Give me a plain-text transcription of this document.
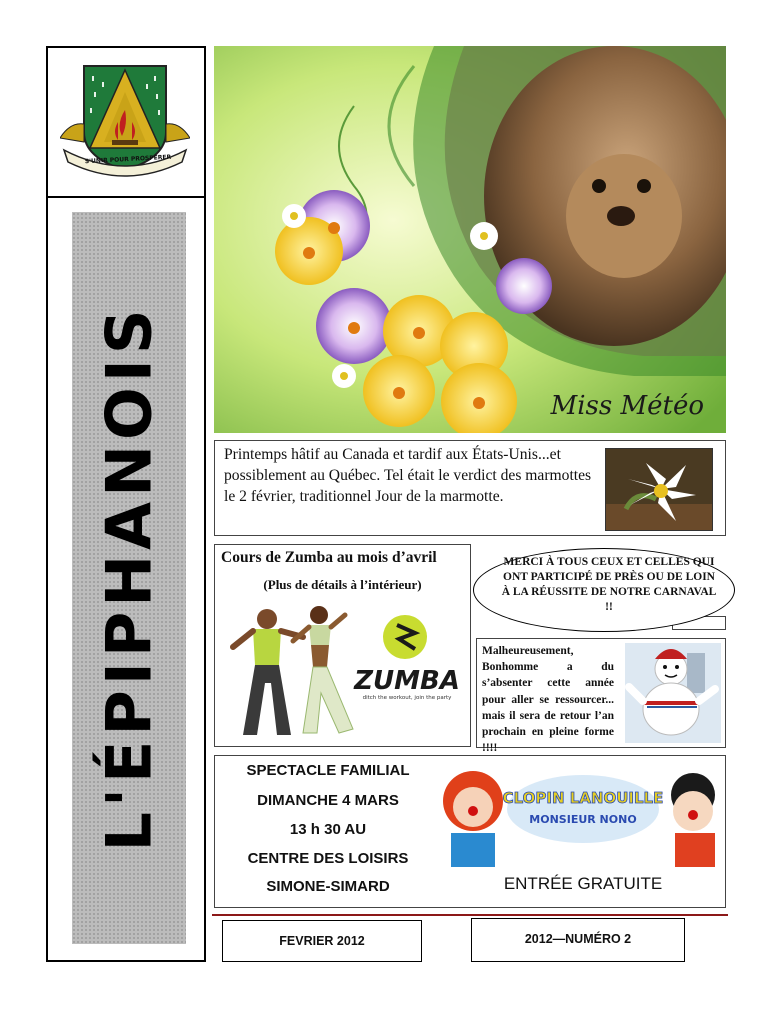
S'UNIR POUR PROSPÉRER
L'ÉPIPHANOIS	Miss Météo
Printemps hâtif au Canada et tardif aux États-Unis...et possiblement au Québec. Tel était le verdict des marmottes le 2 février, traditionnel Jour de la marmotte.
Cours de Zumba au mois d’avril
(Plus de détails à l’intérieur)
ZUMBA
ditch the workout, join the party
MERCI À TOUS CEUX ET CELLES QUI ONT PARTICIPÉ DE PRÈS OU DE LOIN À LA RÉUSSITE DE NOTRE CARNAVAL !!
Malheureusement, Bonhomme a du s’absenter cette année pour aller se ressourcer... mais il sera de retour l’an prochain en pleine forme !!!!
SPECTACLE FAMILIAL
DIMANCHE 4 MARS
13 h 30 AU
CENTRE DES LOISIRS
SIMONE-SIMARD
CLOPIN LANOUILLE
MONSIEUR NONO
ENTRÉE GRATUITE
FEVRIER 2012	2012—NUMÉRO 2
